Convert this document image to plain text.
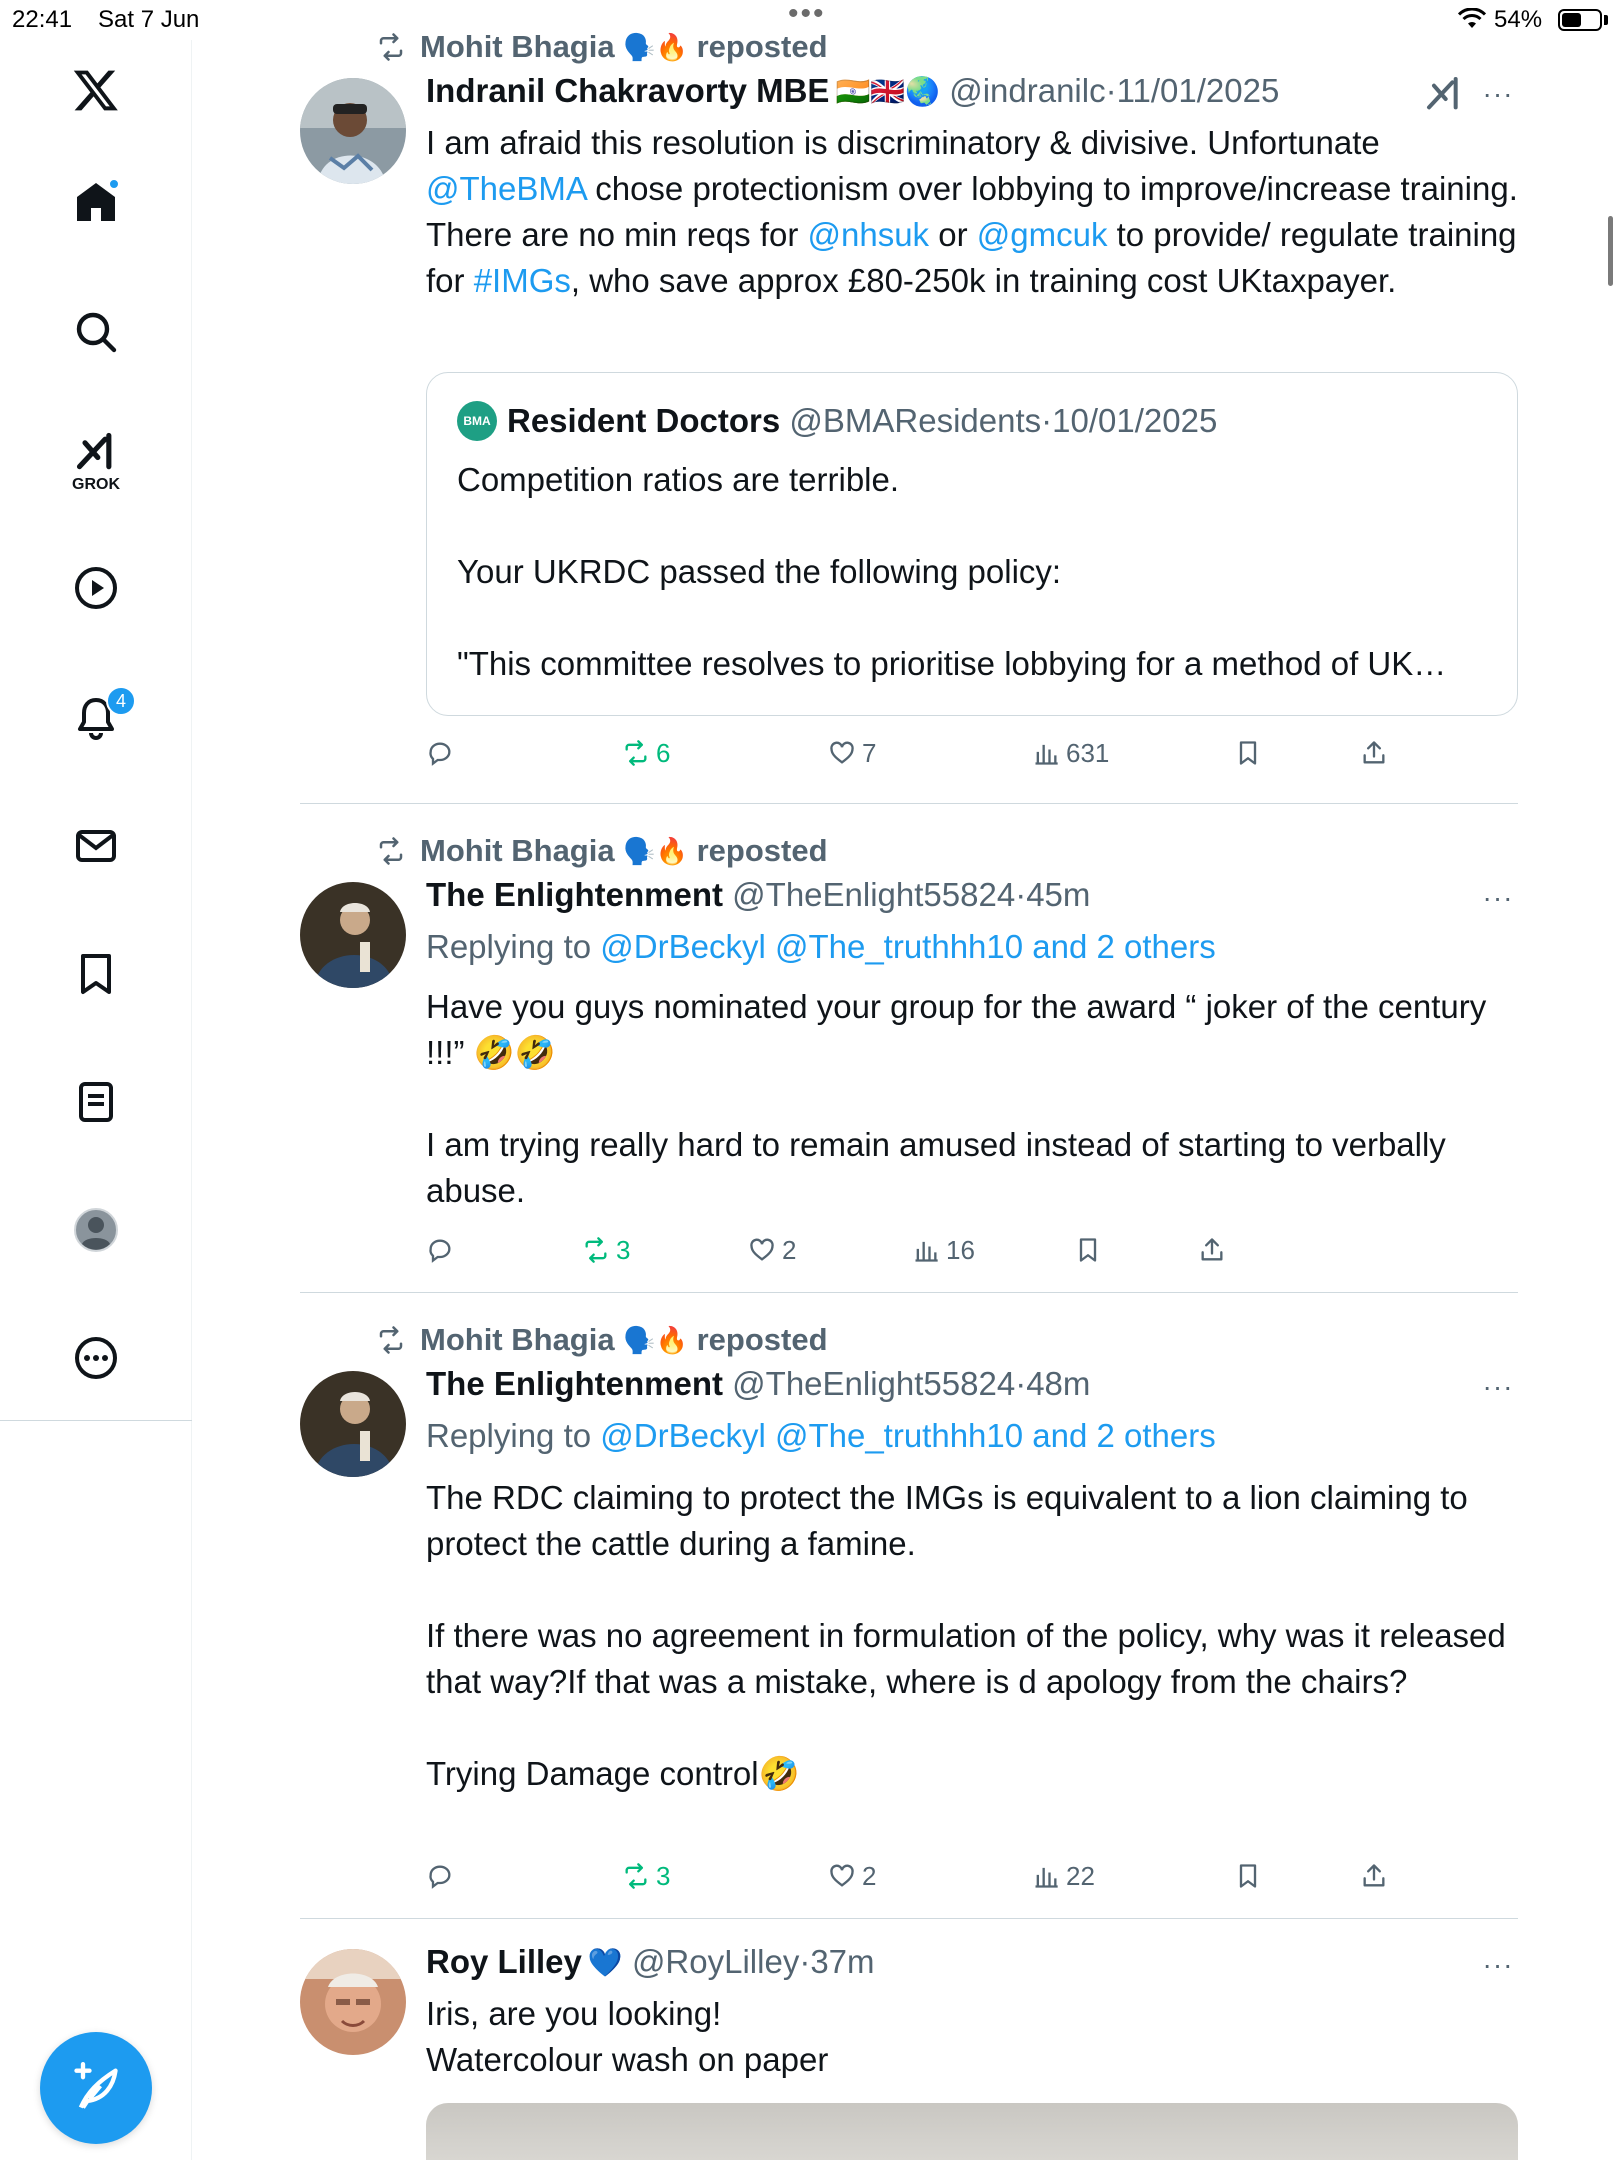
22:41 Sat 7 Jun	•••	54%
GROK
4
Mohit Bhagia
🗣️🔥
reposted
Indranil Chakravorty MBE 🇮🇳🇬🇧🌏
@indranilc · 11/01/2025	···
I am afraid this resolution is discriminatory & divisive. Unfortunate @TheBMA chose protectionism over lobbying to improve/increase training. There are no min reqs for @nhsuk or @gmcuk to provide/ regulate training for #IMGs, who save approx £80-250k in training cost UKtaxpayer.
BMA Resident Doctors
@BMAResidents · 10/01/2025

Competition ratios are terrible.

Your UKRDC passed the following policy:

"This committee resolves to prioritise lobbying for a method of UK…

6	7	631
Mohit Bhagia
🗣️🔥
reposted
The Enlightenment
@TheEnlight55824 · 45m	···
Replying to @DrBeckyl @The_truthhh10 and 2 others

Have you guys nominated your group for the award “ joker of the century !!!” 🤣🤣

I am trying really hard to remain amused instead of starting to verbally abuse.

3	2	16
Mohit Bhagia
🗣️🔥
reposted
The Enlightenment
@TheEnlight55824 · 48m	···
Replying to @DrBeckyl @The_truthhh10 and 2 others

The RDC claiming to protect the IMGs is equivalent to a lion claiming to protect the cattle during a famine.

If there was no agreement in formulation of the policy, why was it released that way?If that was a mistake, where is d apology from the chairs?

Trying Damage control🤣

3	2	22
Roy Lilley 💙
@RoyLilley · 37m	···

Iris, are you looking!

Watercolour wash on paper
